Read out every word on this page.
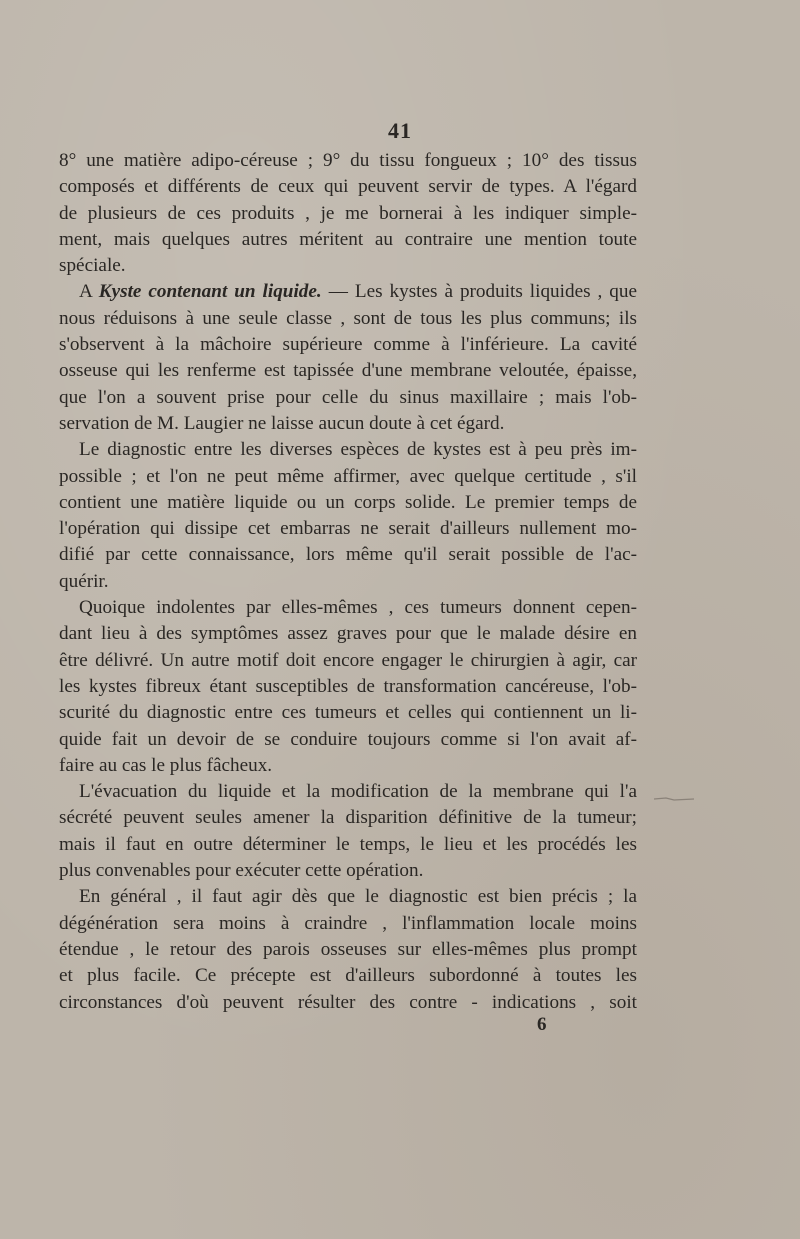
41
8° une matière adipo-céreuse ; 9° du tissu fongueux ; 10° des tissus
composés et différents de ceux qui peuvent servir de types. A l'égard
de plusieurs de ces produits , je me bornerai à les indiquer simple-
ment, mais quelques autres méritent au contraire une mention toute
spéciale.
A Kyste contenant un liquide. — Les kystes à produits liquides , que
nous réduisons à une seule classe , sont de tous les plus communs; ils
s'observent à la mâchoire supérieure comme à l'inférieure. La cavité
osseuse qui les renferme est tapissée d'une membrane veloutée, épaisse,
que l'on a souvent prise pour celle du sinus maxillaire ; mais l'ob-
servation de M. Laugier ne laisse aucun doute à cet égard.
Le diagnostic entre les diverses espèces de kystes est à peu près im-
possible ; et l'on ne peut même affirmer, avec quelque certitude , s'il
contient une matière liquide ou un corps solide. Le premier temps de
l'opération qui dissipe cet embarras ne serait d'ailleurs nullement mo-
difié par cette connaissance, lors même qu'il serait possible de l'ac-
quérir.
Quoique indolentes par elles-mêmes , ces tumeurs donnent cepen-
dant lieu à des symptômes assez graves pour que le malade désire en
être délivré. Un autre motif doit encore engager le chirurgien à agir, car
les kystes fibreux étant susceptibles de transformation cancéreuse, l'ob-
scurité du diagnostic entre ces tumeurs et celles qui contiennent un li-
quide fait un devoir de se conduire toujours comme si l'on avait af-
faire au cas le plus fâcheux.
L'évacuation du liquide et la modification de la membrane qui l'a
sécrété peuvent seules amener la disparition définitive de la tumeur;
mais il faut en outre déterminer le temps, le lieu et les procédés les
plus convenables pour exécuter cette opération.
En général , il faut agir dès que le diagnostic est bien précis ; la
dégénération sera moins à craindre , l'inflammation locale moins
étendue , le retour des parois osseuses sur elles-mêmes plus prompt
et plus facile. Ce précepte est d'ailleurs subordonné à toutes les
circonstances d'où peuvent résulter des contre - indications , soit
6
